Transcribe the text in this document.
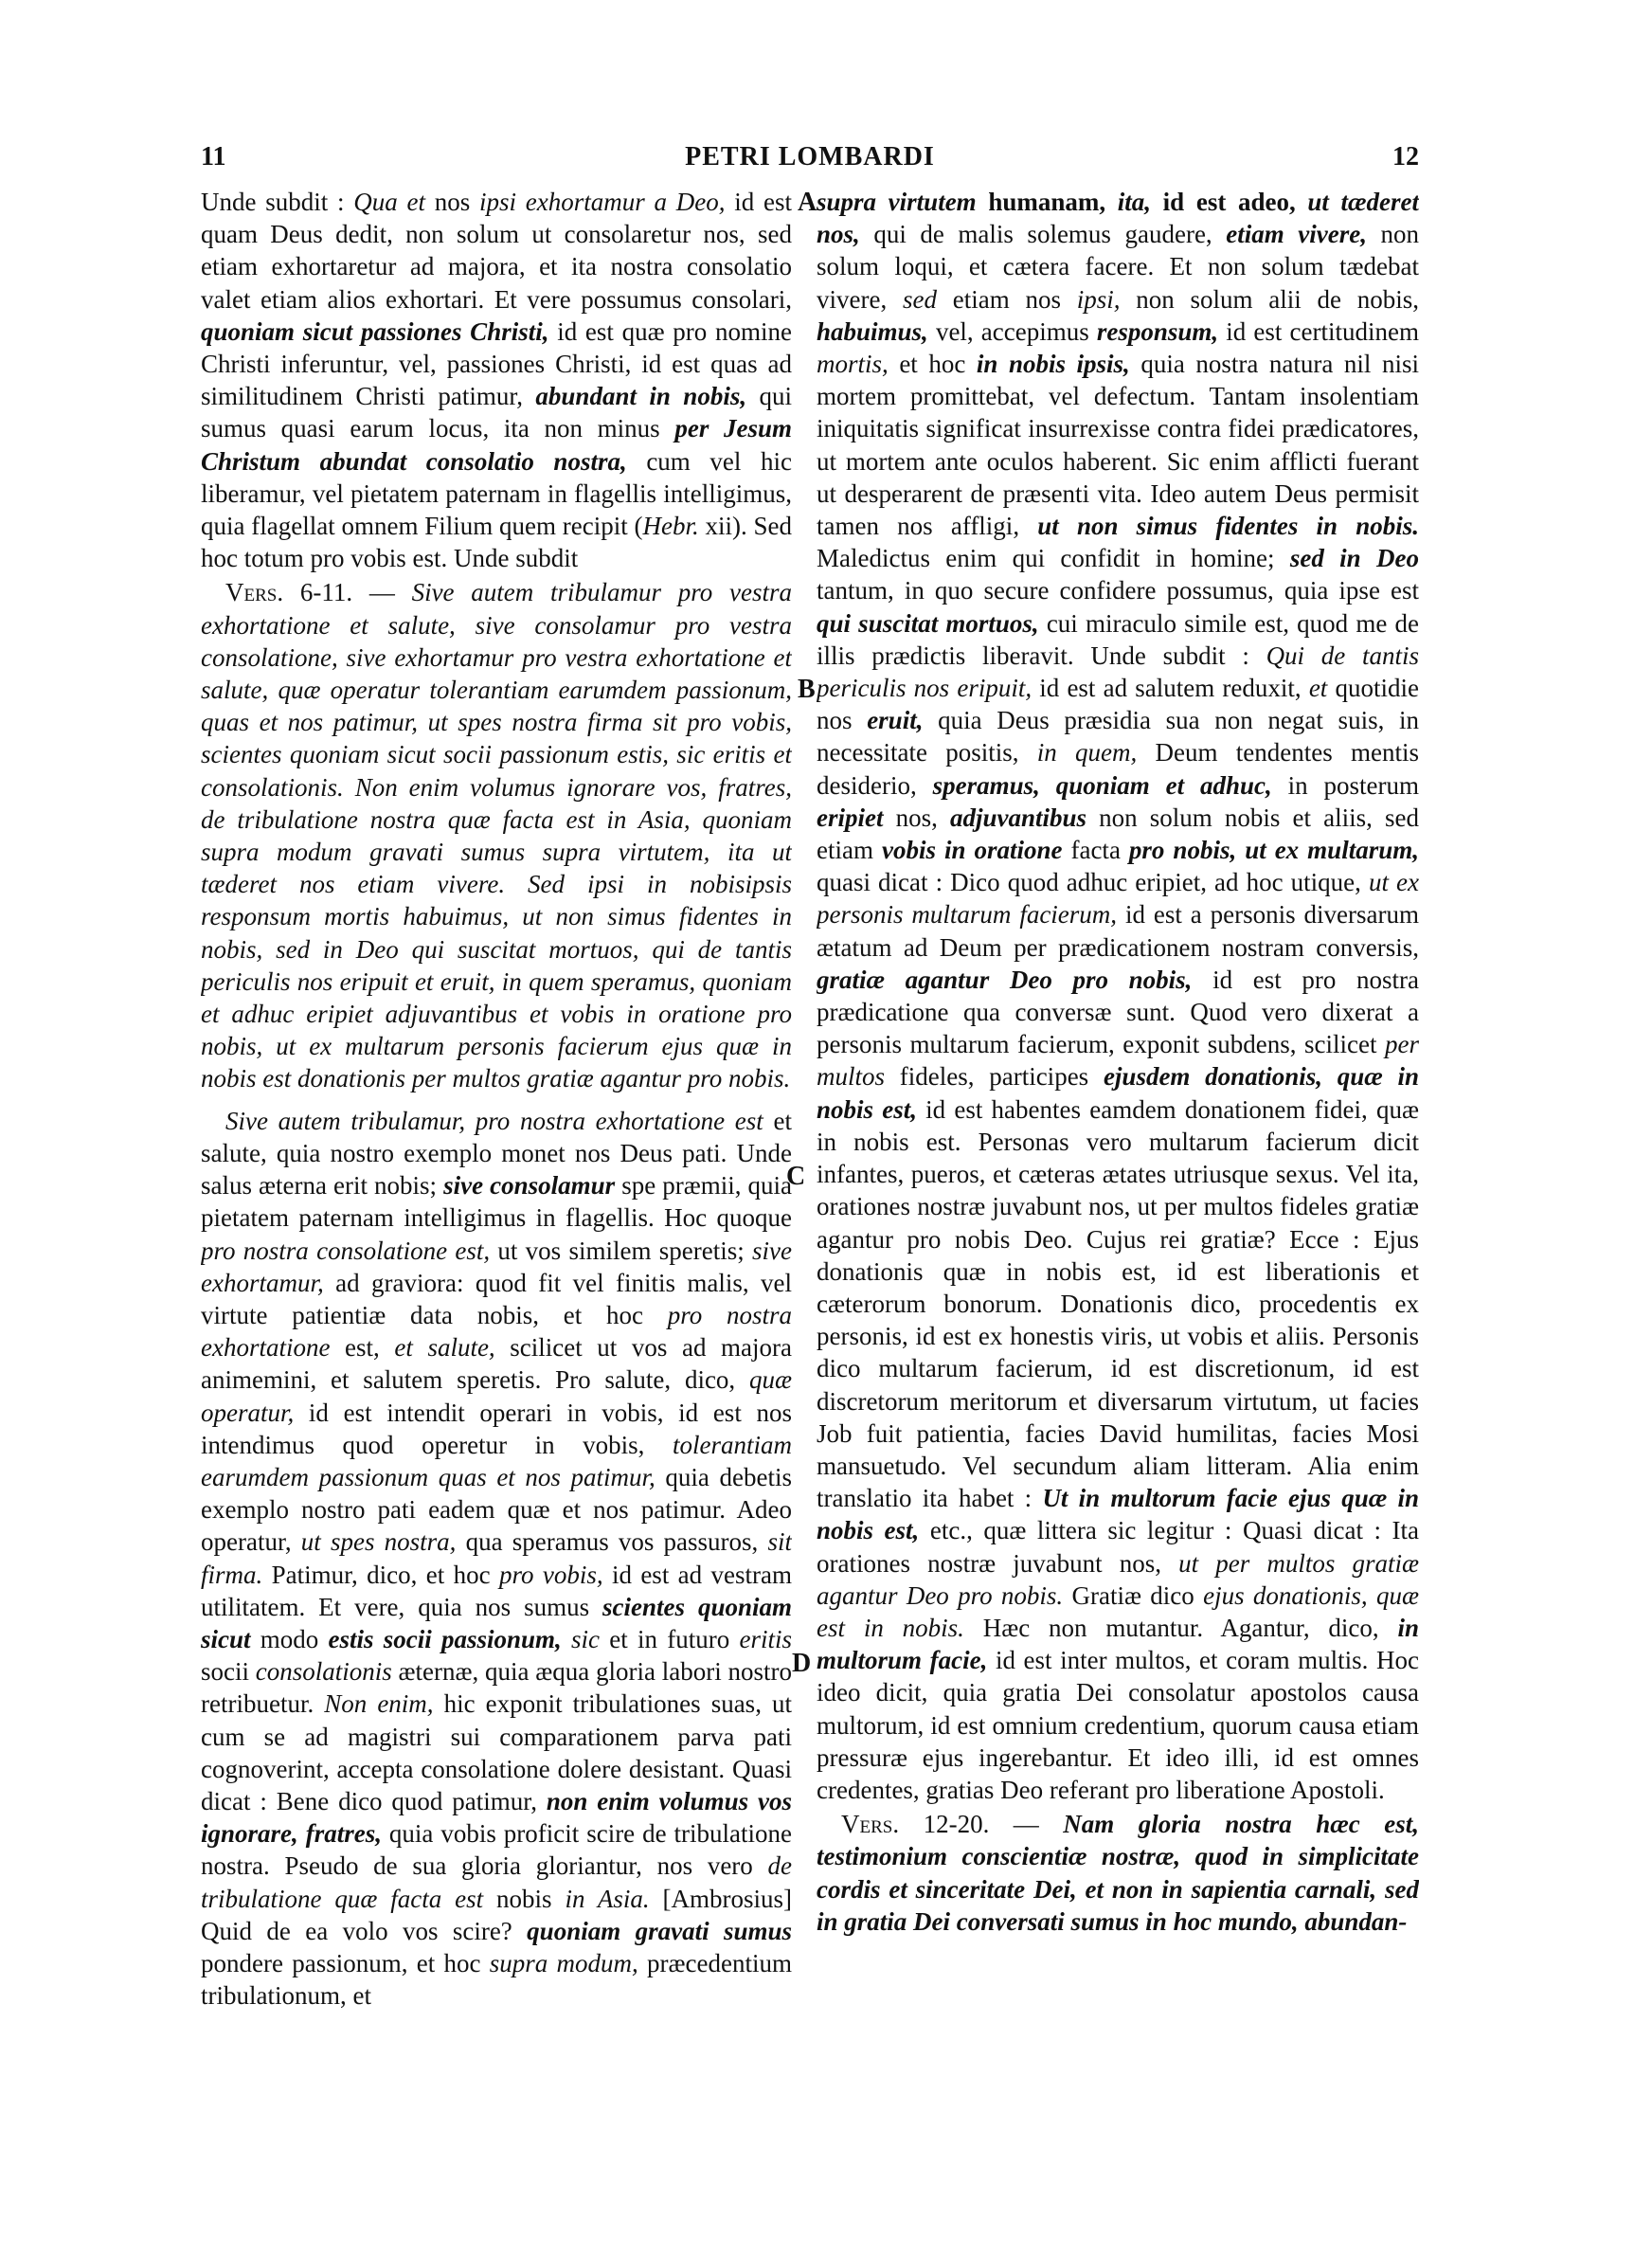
11	PETRI LOMBARDI	12
A
B
C
D

Unde subdit : Qua et nos ipsi exhortamur a Deo, id est quam Deus dedit, non solum ut consolaretur nos, sed etiam exhortaretur ad majora, et ita nostra consolatio valet etiam alios exhortari. Et vere possumus consolari, quoniam sicut passiones Christi, id est quæ pro nomine Christi inferuntur, vel, passiones Christi, id est quas ad similitudinem Christi patimur, abundant in nobis, qui sumus quasi earum locus, ita non minus per Jesum Christum abundat consolatio nostra, cum vel hic liberamur, vel pietatem paternam in flagellis intelligimus, quia flagellat omnem Filium quem recipit (Hebr. xii). Sed hoc totum pro vobis est. Unde subdit

Vers. 6-11. — Sive autem tribulamur pro vestra exhortatione et salute, sive consolamur pro vestra consolatione, sive exhortamur pro vestra exhortatione et salute, quæ operatur tolerantiam earumdem passionum, quas et nos patimur, ut spes nostra firma sit pro vobis, scientes quoniam sicut socii passionum estis, sic eritis et consolationis. Non enim volumus ignorare vos, fratres, de tribulatione nostra quæ facta est in Asia, quoniam supra modum gravati sumus supra virtutem, ita ut tæderet nos etiam vivere. Sed ipsi in nobisipsis responsum mortis habuimus, ut non simus fidentes in nobis, sed in Deo qui suscitat mortuos, qui de tantis periculis nos eripuit et eruit, in quem speramus, quoniam et adhuc eripiet adjuvantibus et vobis in oratione pro nobis, ut ex multarum personis facierum ejus quæ in nobis est donationis per multos gratiæ agantur pro nobis.

Sive autem tribulamur, pro nostra exhortatione est et salute, quia nostro exemplo monet nos Deus pati. Unde salus æterna erit nobis; sive consolamur spe præmii, quia pietatem paternam intelligimus in flagellis. Hoc quoque pro nostra consolatione est, ut vos similem speretis; sive exhortamur, ad graviora: quod fit vel finitis malis, vel virtute patientiæ data nobis, et hoc pro nostra exhortatione est, et salute, scilicet ut vos ad majora animemini, et salutem speretis. Pro salute, dico, quæ operatur, id est intendit operari in vobis, id est nos intendimus quod operetur in vobis, tolerantiam earumdem passionum quas et nos patimur, quia debetis exemplo nostro pati eadem quæ et nos patimur. Adeo operatur, ut spes nostra, qua speramus vos passuros, sit firma. Patimur, dico, et hoc pro vobis, id est ad vestram utilitatem. Et vere, quia nos sumus scientes quoniam sicut modo estis socii passionum, sic et in futuro eritis socii consolationis æternæ, quia æqua gloria labori nostro retribuetur. Non enim, hic exponit tribulationes suas, ut cum se ad magistri sui comparationem parva pati cognoverint, accepta consolatione dolere desistant. Quasi dicat : Bene dico quod patimur, non enim volumus vos ignorare, fratres, quia vobis proficit scire de tribulatione nostra. Pseudo de sua gloria gloriantur, nos vero de tribulatione quæ facta est nobis in Asia. [Ambrosius] Quid de ea volo vos scire? quoniam gravati sumus pondere passionum, et hoc supra modum, præcedentium tribulationum, et

supra virtutem humanam, ita, id est adeo, ut tæderet nos, qui de malis solemus gaudere, etiam vivere, non solum loqui, et cætera facere. Et non solum tædebat vivere, sed etiam nos ipsi, non solum alii de nobis, habuimus, vel, accepimus responsum, id est certitudinem mortis, et hoc in nobis ipsis, quia nostra natura nil nisi mortem promittebat, vel defectum. Tantam insolentiam iniquitatis significat insurrexisse contra fidei prædicatores, ut mortem ante oculos haberent. Sic enim afflicti fuerant ut desperarent de præsenti vita. Ideo autem Deus permisit tamen nos affligi, ut non simus fidentes in nobis. Maledictus enim qui confidit in homine; sed in Deo tantum, in quo secure confidere possumus, quia ipse est qui suscitat mortuos, cui miraculo simile est, quod me de illis prædictis liberavit. Unde subdit : Qui de tantis periculis nos eripuit, id est ad salutem reduxit, et quotidie nos eruit, quia Deus præsidia sua non negat suis, in necessitate positis, in quem, Deum tendentes mentis desiderio, speramus, quoniam et adhuc, in posterum eripiet nos, adjuvantibus non solum nobis et aliis, sed etiam vobis in oratione facta pro nobis, ut ex multarum, quasi dicat : Dico quod adhuc eripiet, ad hoc utique, ut ex personis multarum facierum, id est a personis diversarum ætatum ad Deum per prædicationem nostram conversis, gratiæ agantur Deo pro nobis, id est pro nostra prædicatione qua conversæ sunt. Quod vero dixerat a personis multarum facierum, exponit subdens, scilicet per multos fideles, participes ejusdem donationis, quæ in nobis est, id est habentes eamdem donationem fidei, quæ in nobis est. Personas vero multarum facierum dicit infantes, pueros, et cæteras ætates utriusque sexus. Vel ita, orationes nostræ juvabunt nos, ut per multos fideles gratiæ agantur pro nobis Deo. Cujus rei gratiæ? Ecce : Ejus donationis quæ in nobis est, id est liberationis et cæterorum bonorum. Donationis dico, procedentis ex personis, id est ex honestis viris, ut vobis et aliis. Personis dico multarum facierum, id est discretionum, id est discretorum meritorum et diversarum virtutum, ut facies Job fuit patientia, facies David humilitas, facies Mosi mansuetudo. Vel secundum aliam litteram. Alia enim translatio ita habet : Ut in multorum facie ejus quæ in nobis est, etc., quæ littera sic legitur : Quasi dicat : Ita orationes nostræ juvabunt nos, ut per multos gratiæ agantur Deo pro nobis. Gratiæ dico ejus donationis, quæ est in nobis. Hæc non mutantur. Agantur, dico, in multorum facie, id est inter multos, et coram multis. Hoc ideo dicit, quia gratia Dei consolatur apostolos causa multorum, id est omnium credentium, quorum causa etiam pressuræ ejus ingerebantur. Et ideo illi, id est omnes credentes, gratias Deo referant pro liberatione Apostoli.

Vers. 12-20. — Nam gloria nostra hæc est, testimonium conscientiæ nostræ, quod in simplicitate cordis et sinceritate Dei, et non in sapientia carnali, sed in gratia Dei conversati sumus in hoc mundo, abundan-
